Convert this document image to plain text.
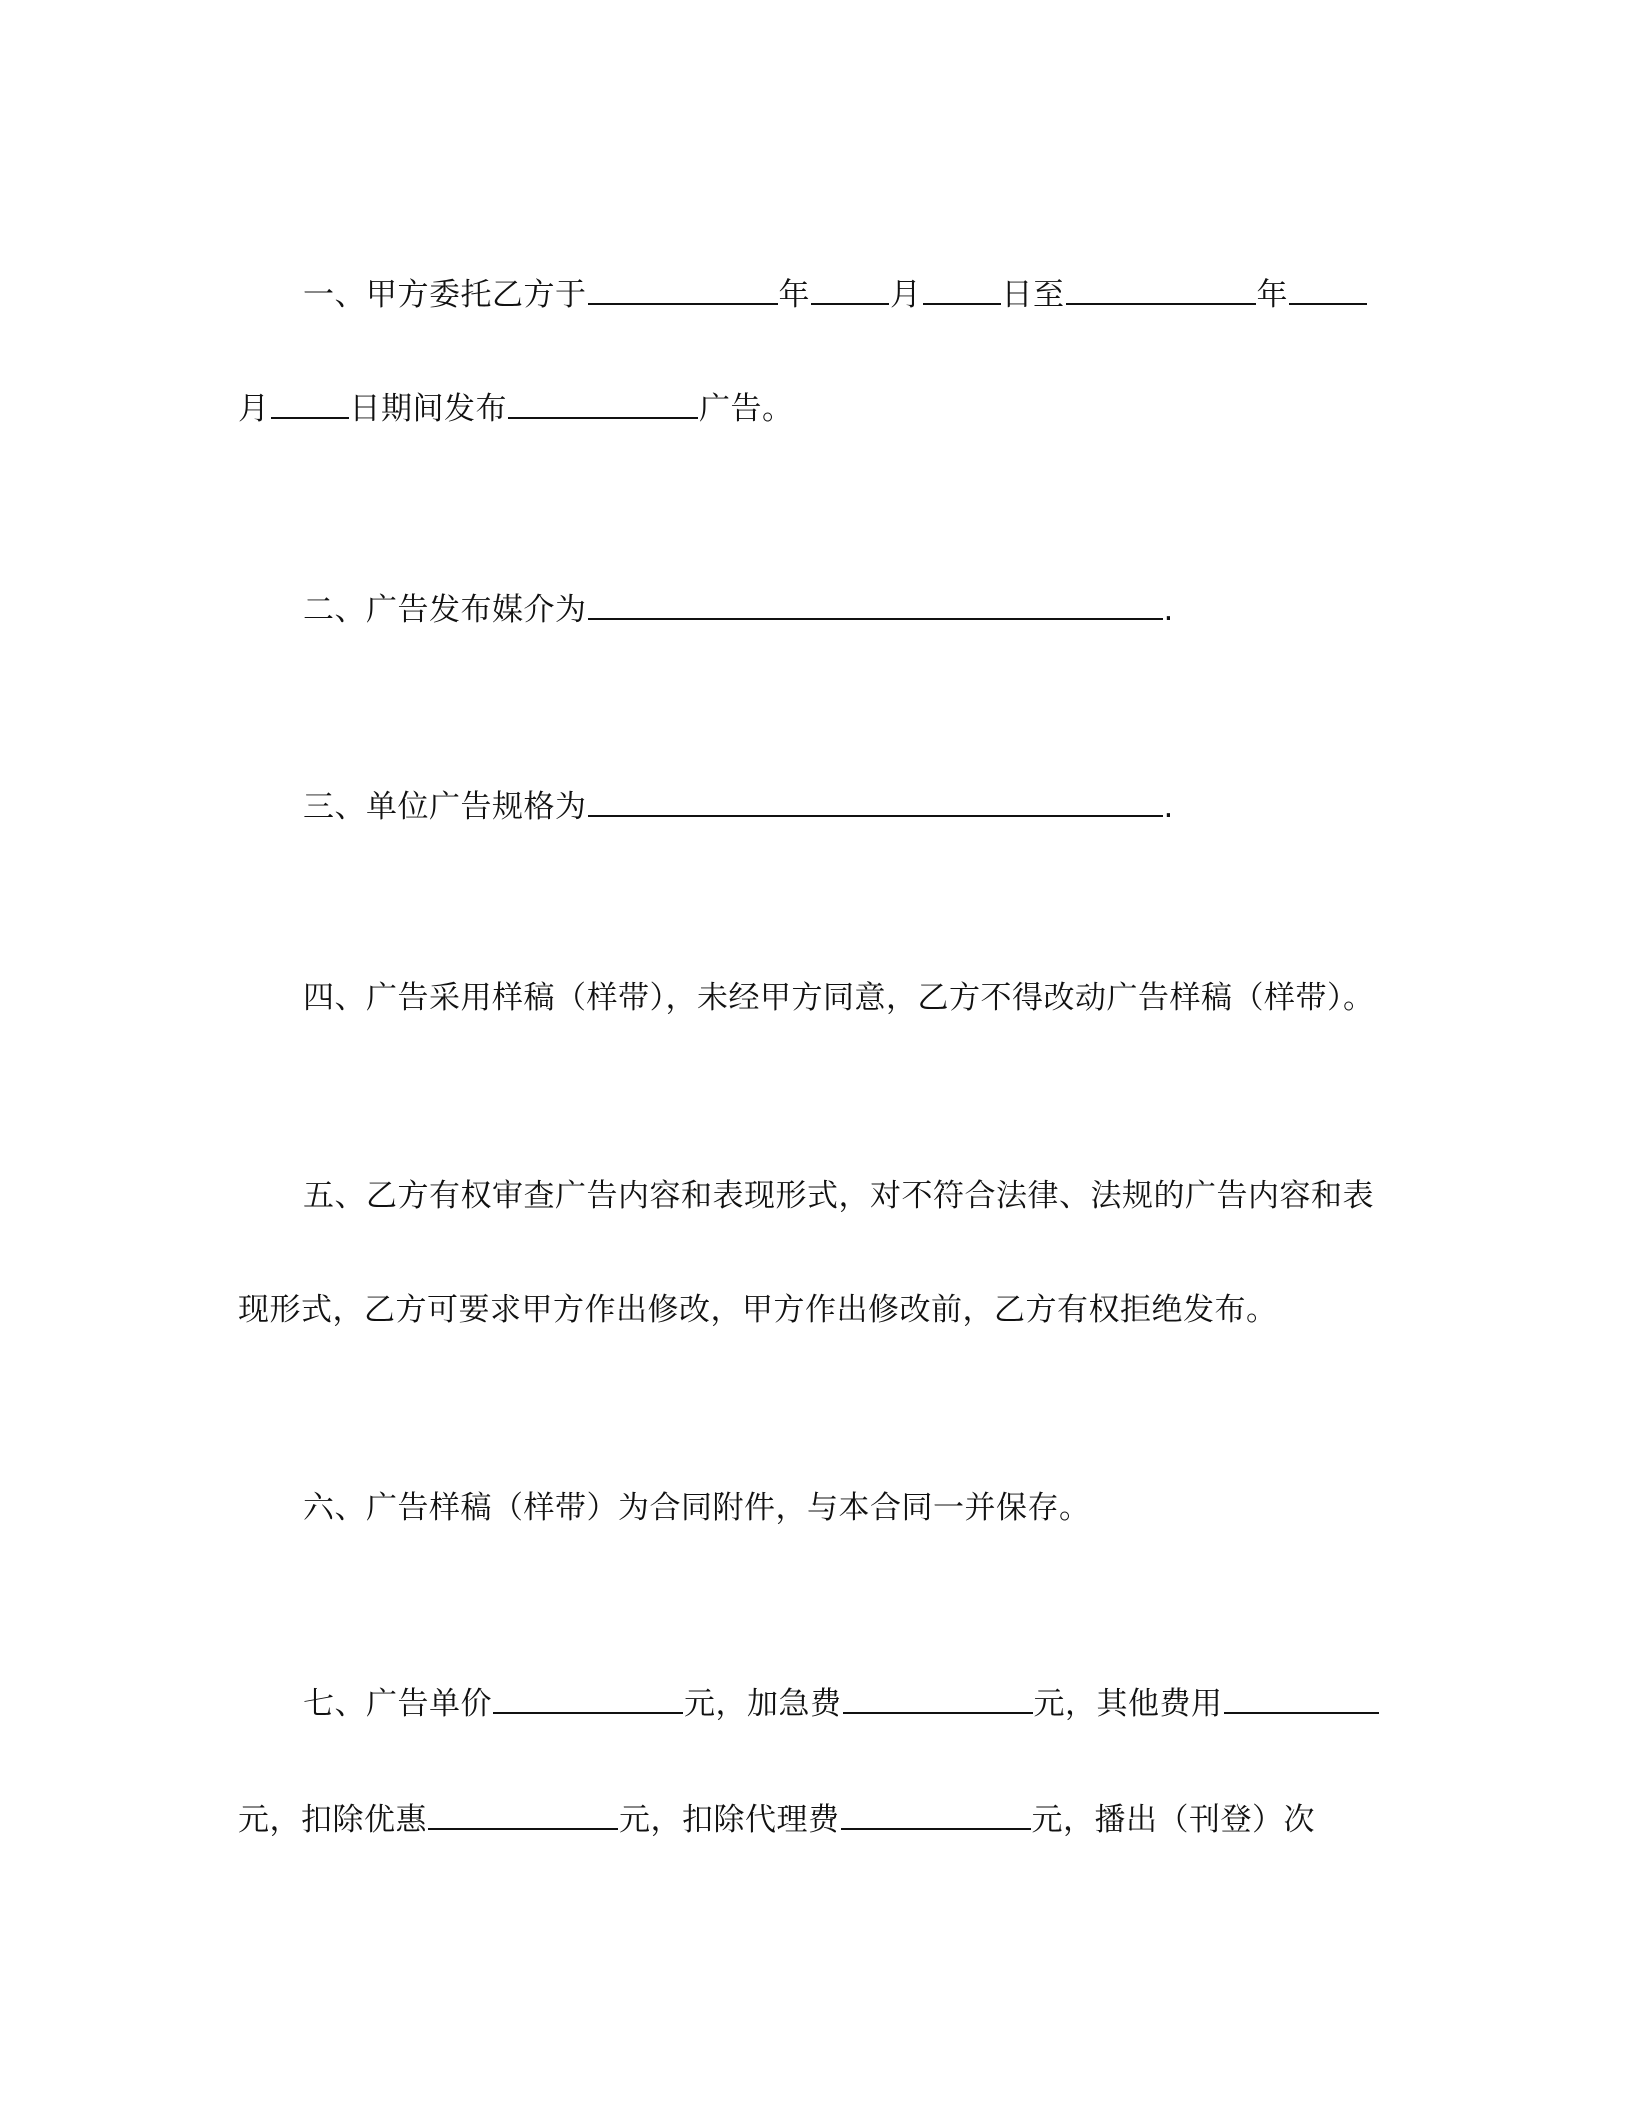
一、甲方委托乙方于	年	月	日至	年
月	日期间发布	广告。
二、广告发布媒介为	.
三、单位广告规格为	.
四、广告采用样稿（样带），未经甲方同意，乙方不得改动广告样稿（样带）。
五、乙方有权审查广告内容和表现形式，对不符合法律、法规的广告内容和表
现形式，乙方可要求甲方作出修改，甲方作出修改前，乙方有权拒绝发布。
六、广告样稿（样带）为合同附件，与本合同一并保存。
七、广告单价	元，加急费	元，其他费用
元，扣除优惠	元，扣除代理费	元，播出（刊登）次
